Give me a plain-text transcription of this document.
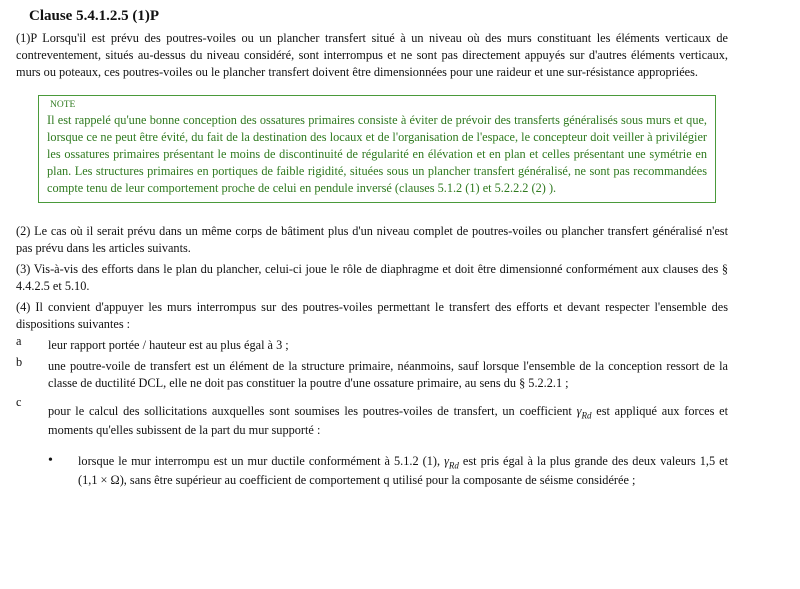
Clause 5.4.1.2.5 (1)P

(1)P Lorsqu'il est prévu des poutres-voiles ou un plancher transfert situé à un niveau où des murs constituant les éléments verticaux de contreventement, situés au-dessus du niveau considéré, sont interrompus et ne sont pas directement appuyés sur d'autres éléments verticaux, murs ou poteaux, ces poutres-voiles ou le plancher transfert doivent être dimensionnées pour une raideur et une sur-résistance appropriées.

NOTE

Il est rappelé qu'une bonne conception des ossatures primaires consiste à éviter de prévoir des transferts généralisés sous murs et que, lorsque ce ne peut être évité, du fait de la destination des locaux et de l'organisation de l'espace, le concepteur doit veiller à privilégier les ossatures primaires présentant le moins de discontinuité de régularité en élévation et en plan et celles présentant une symétrie en plan. Les structures primaires en portiques de faible rigidité, situées sous un plancher transfert généralisé, ne sont pas recommandées compte tenu de leur comportement proche de celui en pendule inversé (clauses 5.1.2 (1) et 5.2.2.2 (2) ).

(2) Le cas où il serait prévu dans un même corps de bâtiment plus d'un niveau complet de poutres-voiles ou plancher transfert généralisé n'est pas prévu dans les articles suivants.

(3) Vis-à-vis des efforts dans le plan du plancher, celui-ci joue le rôle de diaphragme et doit être dimensionné conformément aux clauses des § 4.4.2.5 et 5.10.

(4) Il convient d'appuyer les murs interrompus sur des poutres-voiles permettant le transfert des efforts et devant respecter l'ensemble des dispositions suivantes :

a leur rapport portée / hauteur est au plus égal à 3 ;

b une poutre-voile de transfert est un élément de la structure primaire, néanmoins, sauf lorsque l'ensemble de la conception ressort de la classe de ductilité DCL, elle ne doit pas constituer la poutre d'une ossature primaire, au sens du § 5.2.2.1 ;

c

pour le calcul des sollicitations auxquelles sont soumises les poutres-voiles de transfert, un coefficient $\gamma_{Rd}$ est appliqué aux forces et moments qu'elles subissent de la part du mur supporté :

• lorsque le mur interrompu est un mur ductile conformément à 5.1.2 (1), $\gamma_{Rd}$ est pris égal à la plus grande des deux valeurs 1,5 et (1,1 × Ω), sans être supérieur au coefficient de comportement q utilisé pour la composante de séisme considérée ;
